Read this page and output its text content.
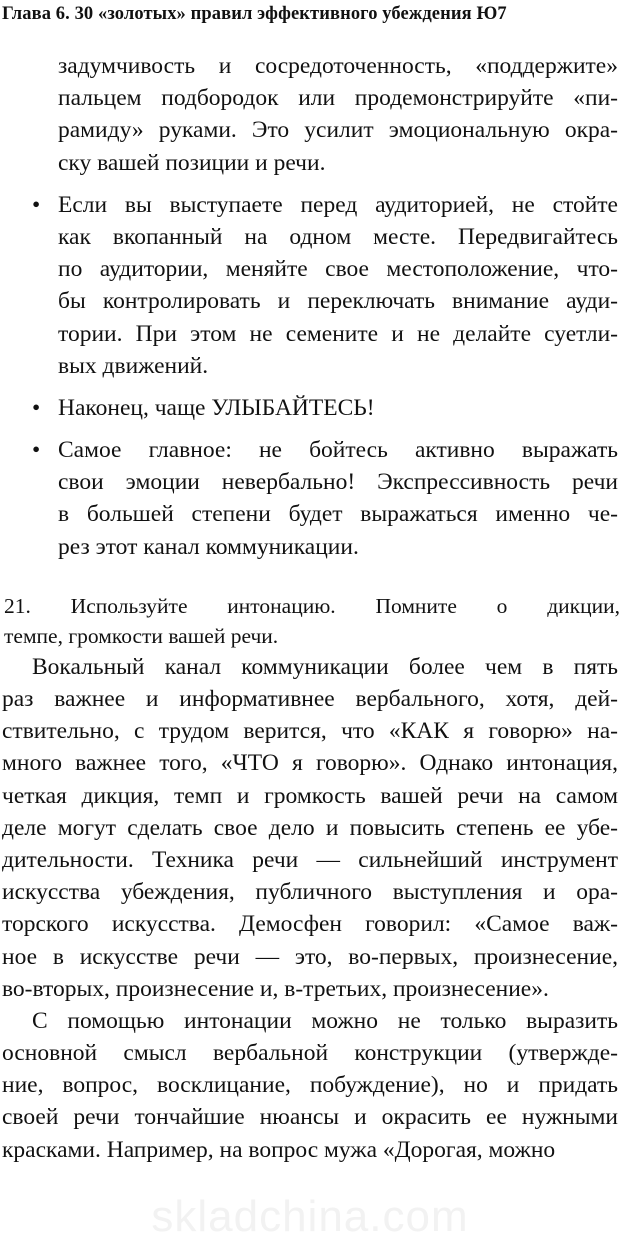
Глава 6. 30 «золотых» правил эффективного убеждения Ю7
задумчивость и сосредоточенность, «поддержите»
пальцем подбородок или продемонстрируйте «пи-
рамиду» руками. Это усилит эмоциональную окра-
ску вашей позиции и речи.
• Если вы выступаете перед аудиторией, не стойте
как вкопанный на одном месте. Передвигайтесь
по аудитории, меняйте свое местоположение, что-
бы контролировать и переключать внимание ауди-
тории. При этом не семените и не делайте суетли-
вых движений.
• Наконец, чаще УЛЫБАЙТЕСЬ!
• Самое главное: не бойтесь активно выражать
свои эмоции невербально! Экспрессивность речи
в большей степени будет выражаться именно че-
рез этот канал коммуникации.
21. Используйте интонацию. Помните о дикции,
темпе, громкости вашей речи.
Вокальный канал коммуникации более чем в пять
раз важнее и информативнее вербального, хотя, дей-
ствительно, с трудом верится, что «КАК я говорю» на-
много важнее того, «ЧТО я говорю». Однако интонация,
четкая дикция, темп и громкость вашей речи на самом
деле могут сделать свое дело и повысить степень ее убе-
дительности. Техника речи — сильнейший инструмент
искусства убеждения, публичного выступления и ора-
торского искусства. Демосфен говорил: «Самое важ-
ное в искусстве речи — это, во-первых, произнесение,
во-вторых, произнесение и, в-третьих, произнесение».
С помощью интонации можно не только выразить
основной смысл вербальной конструкции (утвержде-
ние, вопрос, восклицание, побуждение), но и придать
своей речи тончайшие нюансы и окрасить ее нужными
красками. Например, на вопрос мужа «Дорогая, можно
skladchina.com
